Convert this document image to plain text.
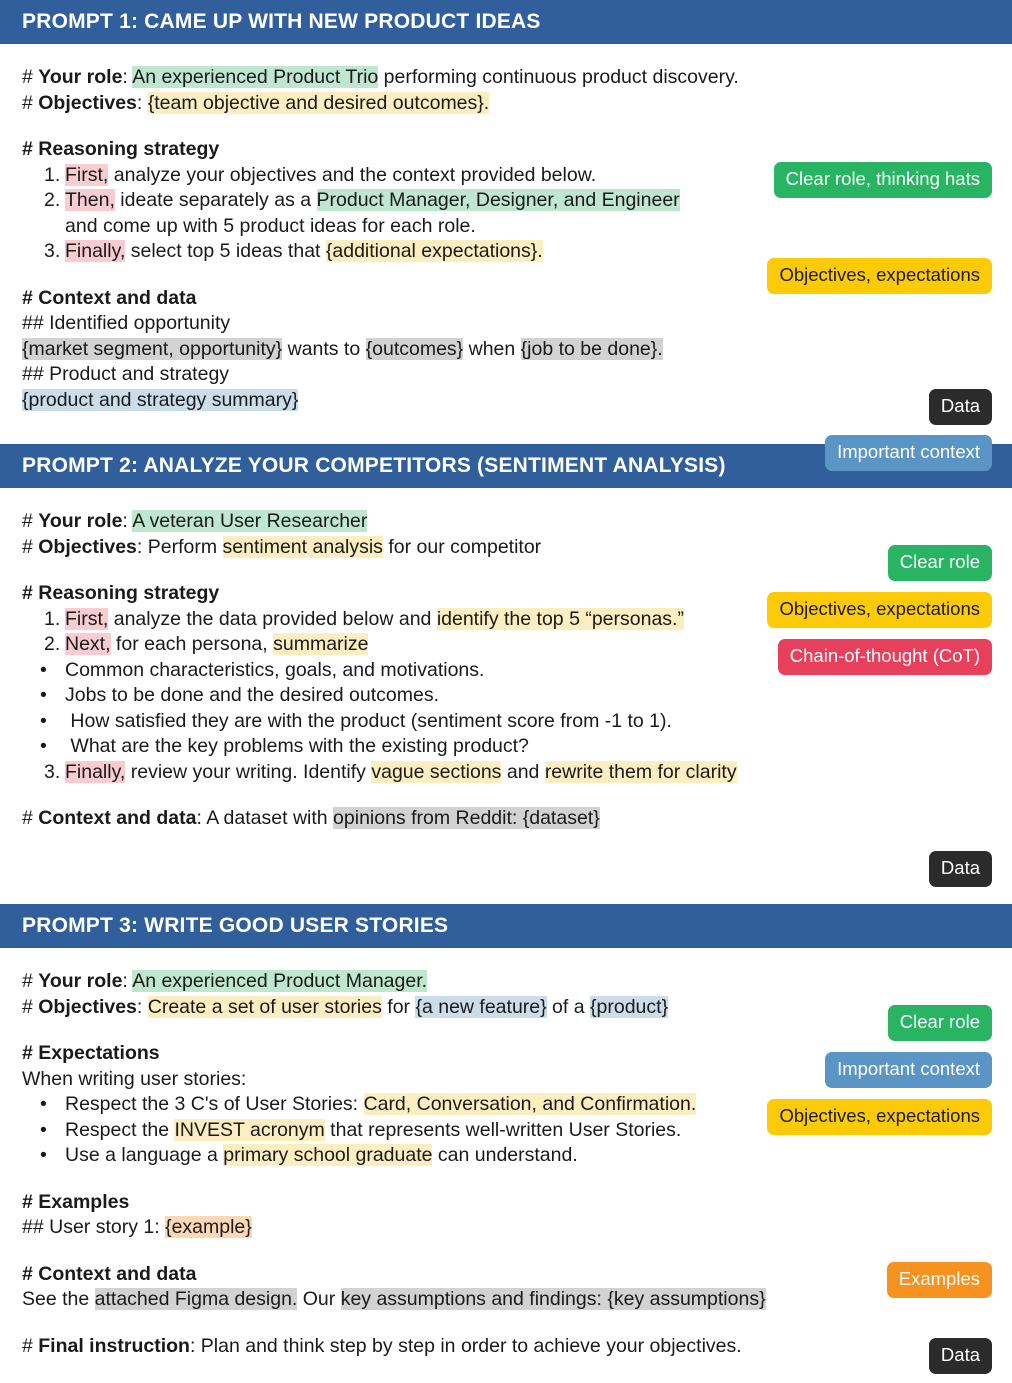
PROMPT 1: CAME UP WITH NEW PRODUCT IDEAS
# Your role: An experienced Product Trio performing continuous product discovery.
# Objectives: {team objective and desired outcomes}.
# Reasoning strategy
1. First, analyze your objectives and the context provided below.
2. Then, ideate separately as a Product Manager, Designer, and Engineer
and come up with 5 product ideas for each role.
3. Finally, select top 5 ideas that {additional expectations}.
# Context and data
## Identified opportunity
{market segment, opportunity} wants to {outcomes} when {job to be done}.
## Product and strategy
{product and strategy summary}
Clear role, thinking hats
Objectives, expectations
Data
Important context
PROMPT 2: ANALYZE YOUR COMPETITORS (SENTIMENT ANALYSIS)
# Your role: A veteran User Researcher
# Objectives: Perform sentiment analysis for our competitor
# Reasoning strategy
1. First, analyze the data provided below and identify the top 5 “personas.”
2. Next, for each persona, summarize
• Common characteristics, goals, and motivations.
• Jobs to be done and the desired outcomes.
• How satisfied they are with the product (sentiment score from -1 to 1).
• What are the key problems with the existing product?
3. Finally, review your writing. Identify vague sections and rewrite them for clarity
# Context and data: A dataset with opinions from Reddit: {dataset}
Clear role
Objectives, expectations
Chain-of-thought (CoT)
Data
PROMPT 3: WRITE GOOD USER STORIES
# Your role: An experienced Product Manager.
# Objectives: Create a set of user stories for {a new feature} of a {product}
# Expectations
When writing user stories:
• Respect the 3 C's of User Stories: Card, Conversation, and Confirmation.
• Respect the INVEST acronym that represents well-written User Stories.
• Use a language a primary school graduate can understand.
# Examples
## User story 1: {example}
# Context and data
See the attached Figma design. Our key assumptions and findings: {key assumptions}
# Final instruction: Plan and think step by step in order to achieve your objectives.
Clear role
Important context
Objectives, expectations
Examples
Data
